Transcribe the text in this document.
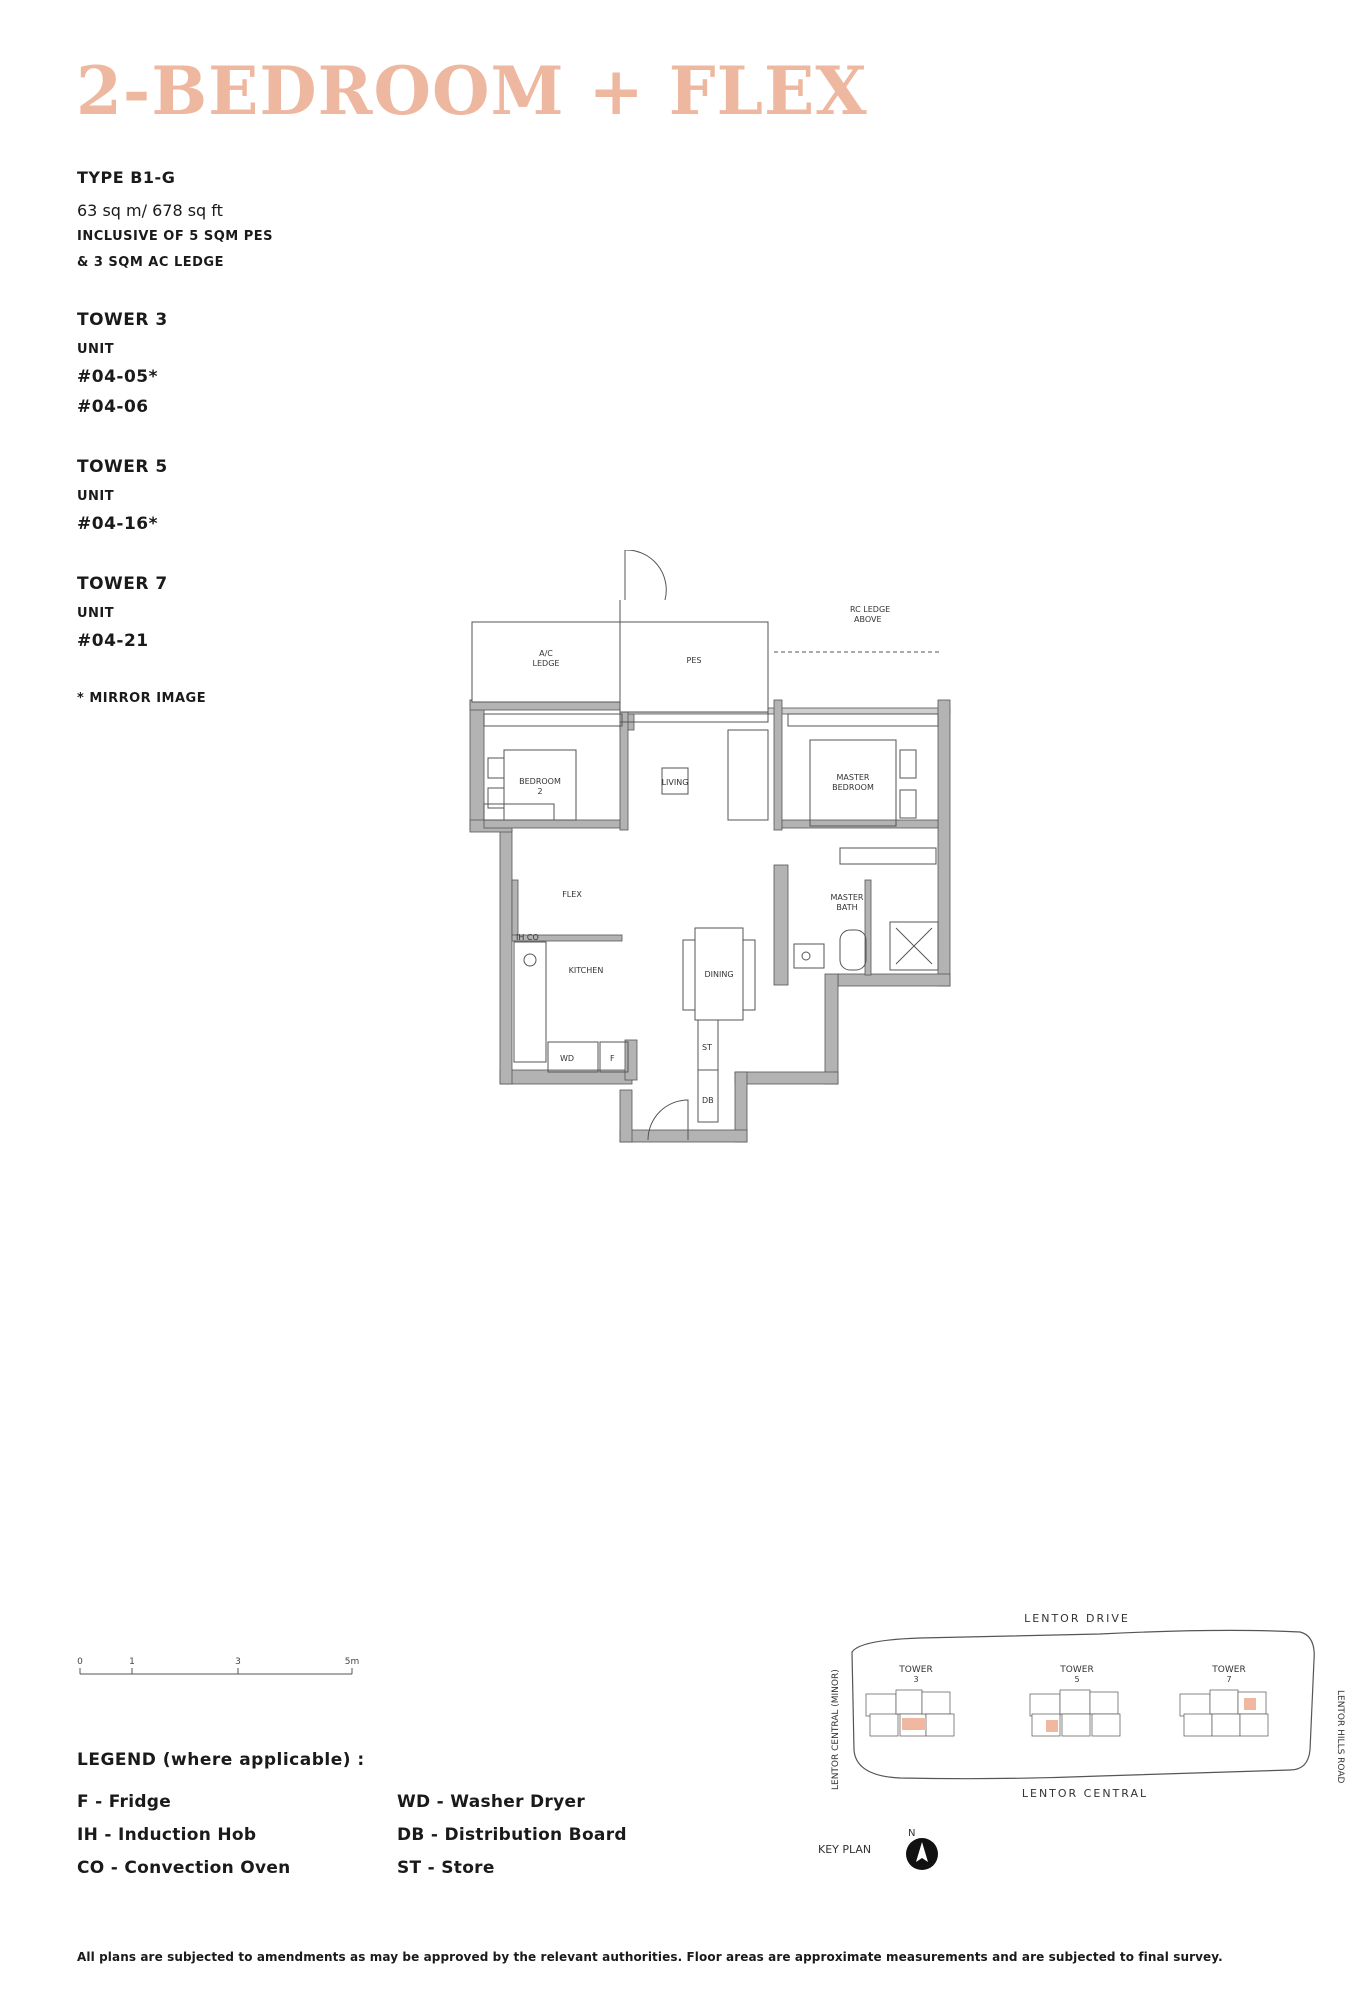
2-BEDROOM + FLEX
TYPE B1-G
63 sq m/ 678 sq ft
INCLUSIVE OF 5 SQM PES
& 3 SQM AC LEDGE
TOWER 3
UNIT
#04-05*
#04-06
TOWER 5
UNIT
#04-16*
TOWER 7
UNIT
#04-21
* MIRROR IMAGE
A/C
LEDGE	PES
RC LEDGE
ABOVE
BEDROOM
2
LIVING
MASTER
BEDROOM
FLEX	MASTER
BATH
IH CO
KITCHEN	DINING
WD	F
ST
DB
0	1	3	5m
LEGEND (where applicable) :
F - Fridge	WD - Washer Dryer
IH - Induction Hob	DB - Distribution Board
CO - Convection Oven	ST - Store
LENTOR DRIVE
LENTOR CENTRAL
LENTOR CENTRAL (MINOR)	LENTOR HILLS ROAD
TOWER
3
TOWER
5
TOWER
7
KEY PLAN
N
All plans are subjected to amendments as may be approved by the relevant authorities. Floor areas are approximate measurements and are subjected to final survey.
